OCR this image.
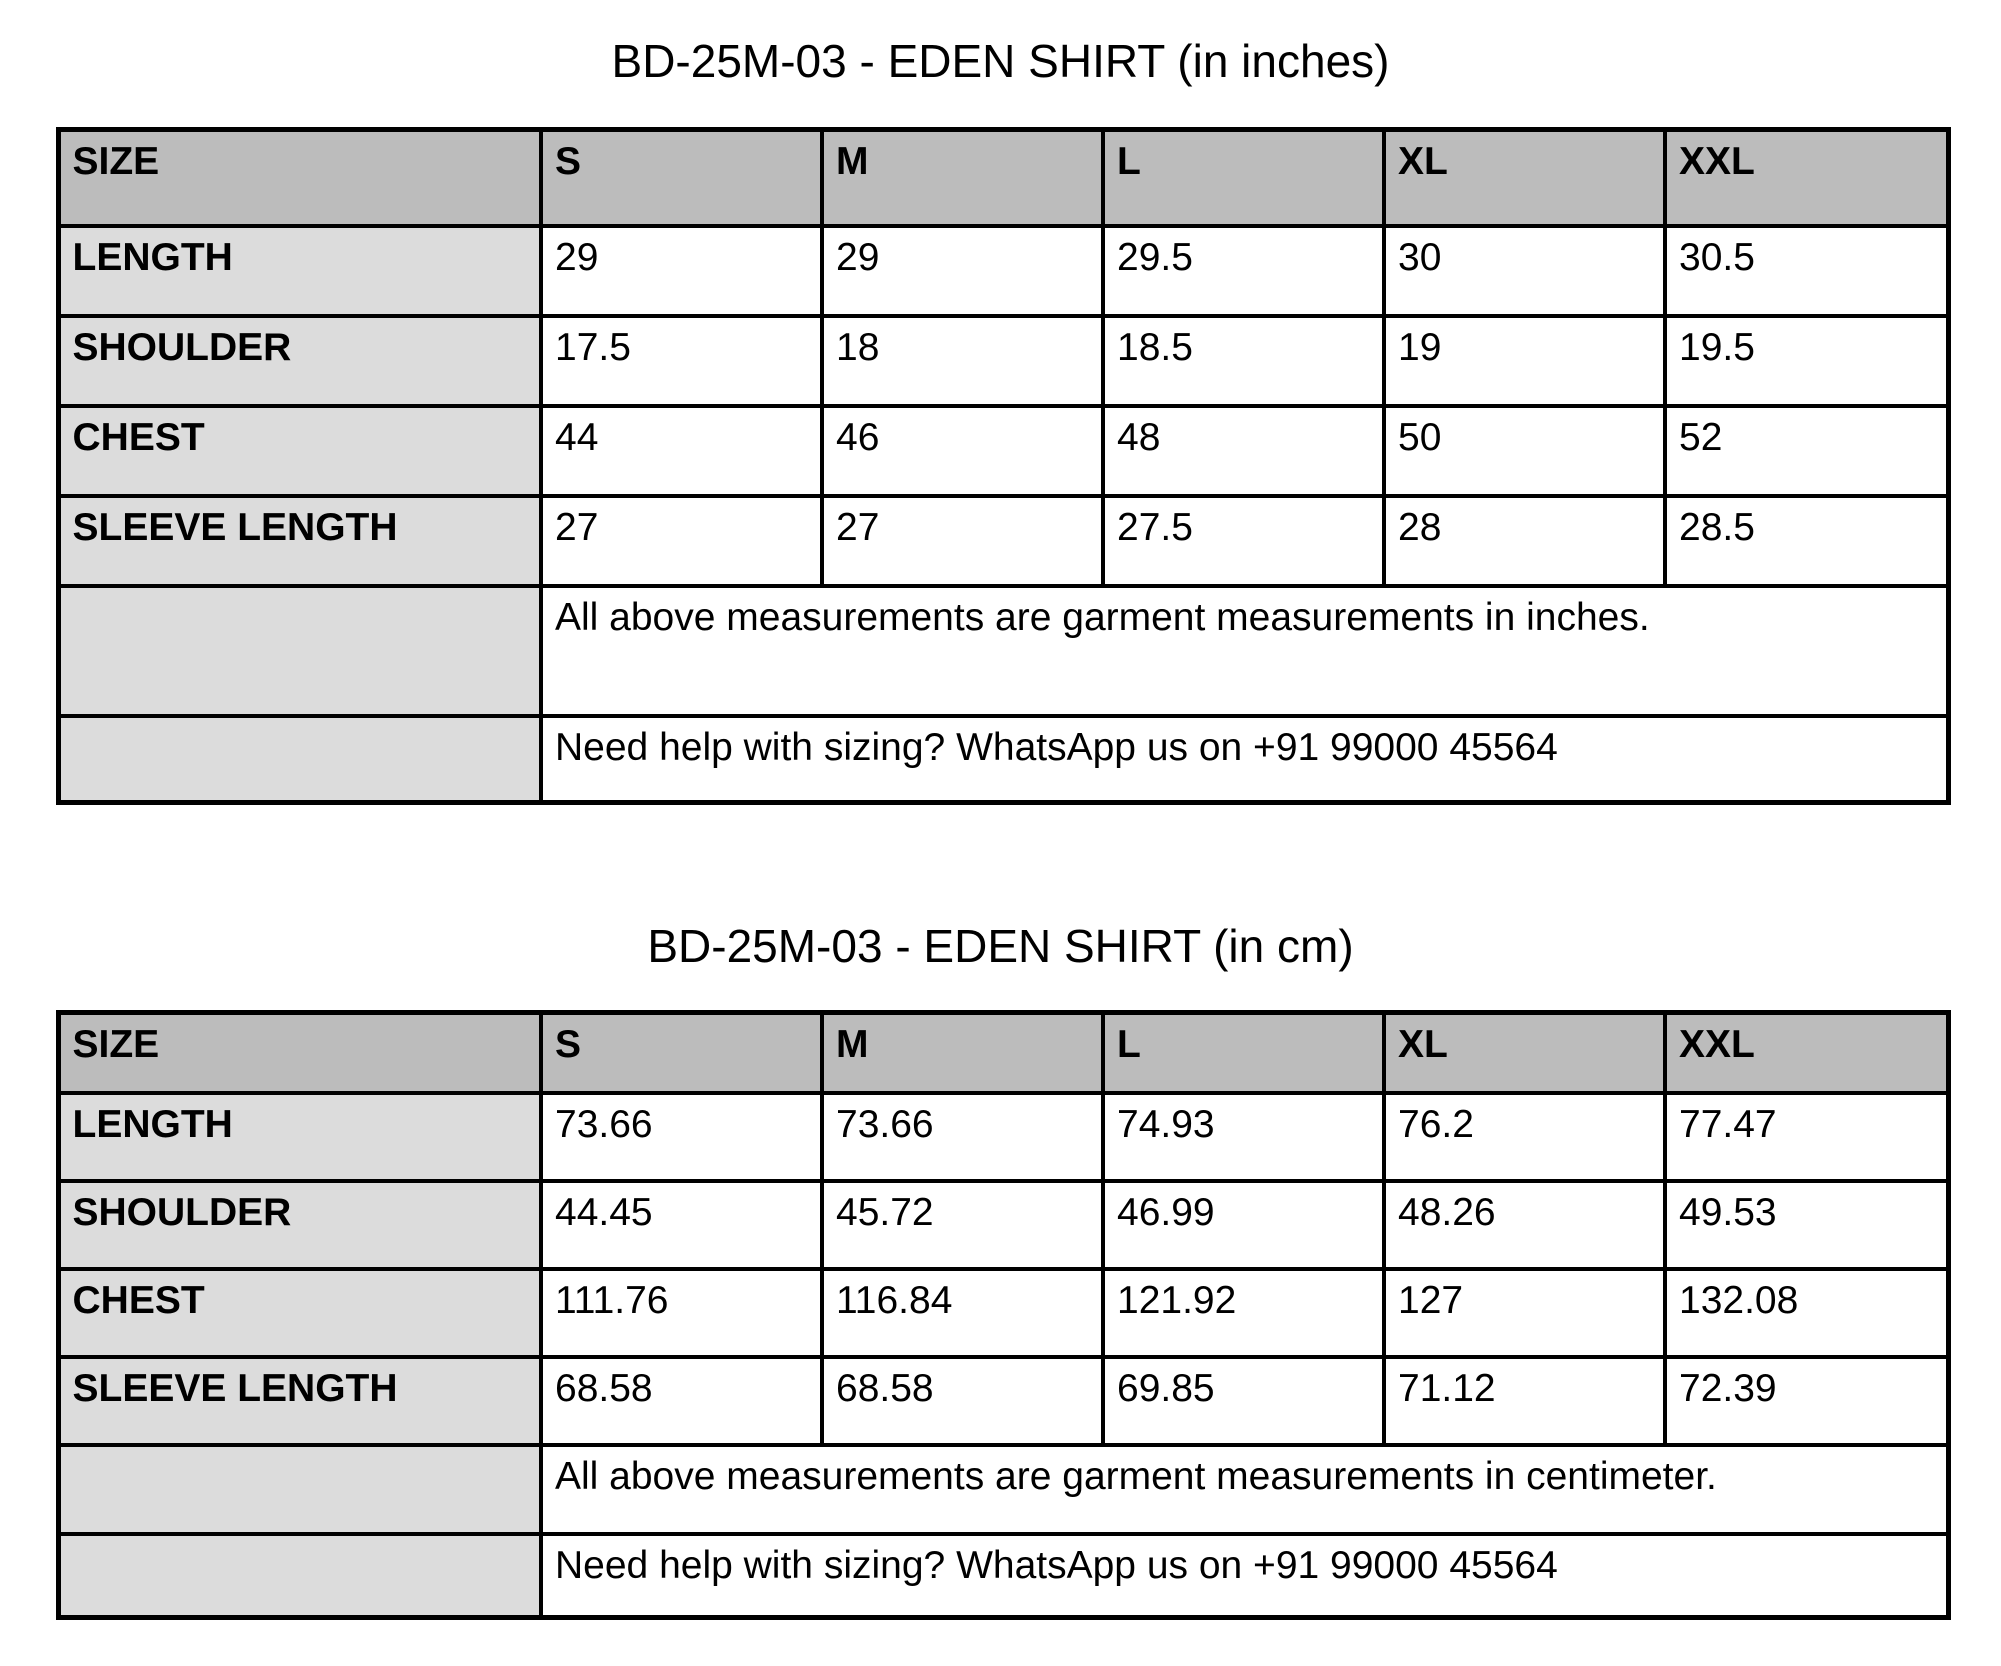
BD-25M-03 - EDEN SHIRT (in inches)
SIZE	S	M	L	XL	XXL
LENGTH	29	29	29.5	30	30.5
SHOULDER	17.5	18	18.5	19	19.5
CHEST	44	46	48	50	52
SLEEVE LENGTH	27	27	27.5	28	28.5
	All above measurements are garment measurements in inches.				
	Need help with sizing? WhatsApp us on +91 99000 45564				
BD-25M-03 - EDEN SHIRT (in cm)
SIZE	S	M	L	XL	XXL
LENGTH	73.66	73.66	74.93	76.2	77.47
SHOULDER	44.45	45.72	46.99	48.26	49.53
CHEST	111.76	116.84	121.92	127	132.08
SLEEVE LENGTH	68.58	68.58	69.85	71.12	72.39
	All above measurements are garment measurements in centimeter.				
	Need help with sizing? WhatsApp us on +91 99000 45564				
